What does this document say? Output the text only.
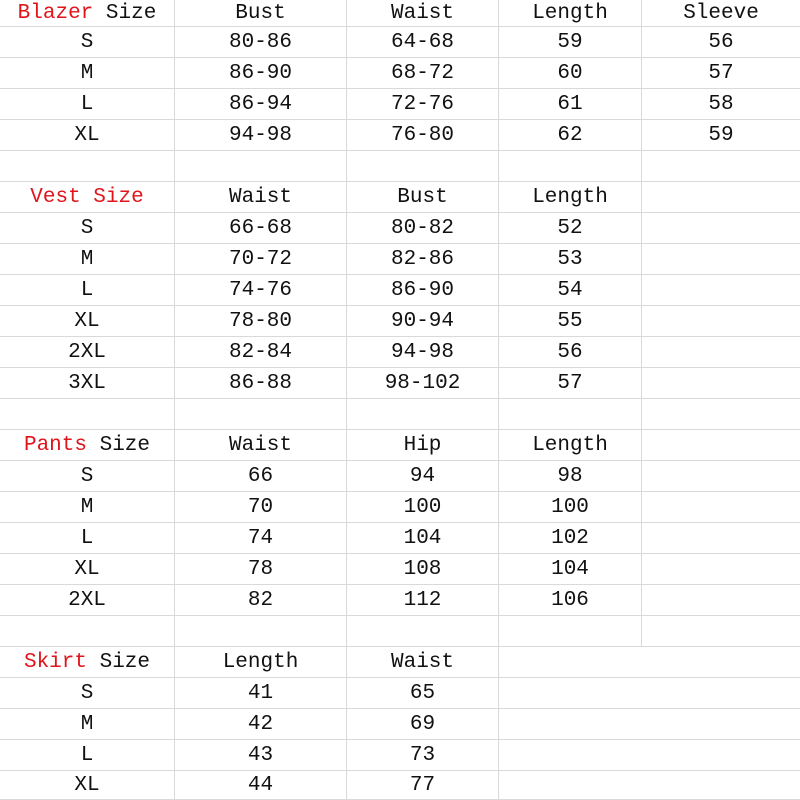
Blazer
Size	Bust	Waist	Length	Sleeve
S	80-86	64-68	59	56
M	86-90	68-72	60	57
L	86-94	72-76	61	58
XL	94-98	76-80	62	59
Vest Size	Waist	Bust	Length
S	66-68	80-82	52
M	70-72	82-86	53
L	74-76	86-90	54
XL	78-80	90-94	55
2XL	82-84	94-98	56
3XL	86-88	98-102	57
Pants
Size	Waist	Hip	Length
S	66	94	98
M	70	100	100
L	74	104	102
XL	78	108	104
2XL	82	112	106
Skirt
Size	Length	Waist
S	41	65
M	42	69
L	43	73
XL	44	77
